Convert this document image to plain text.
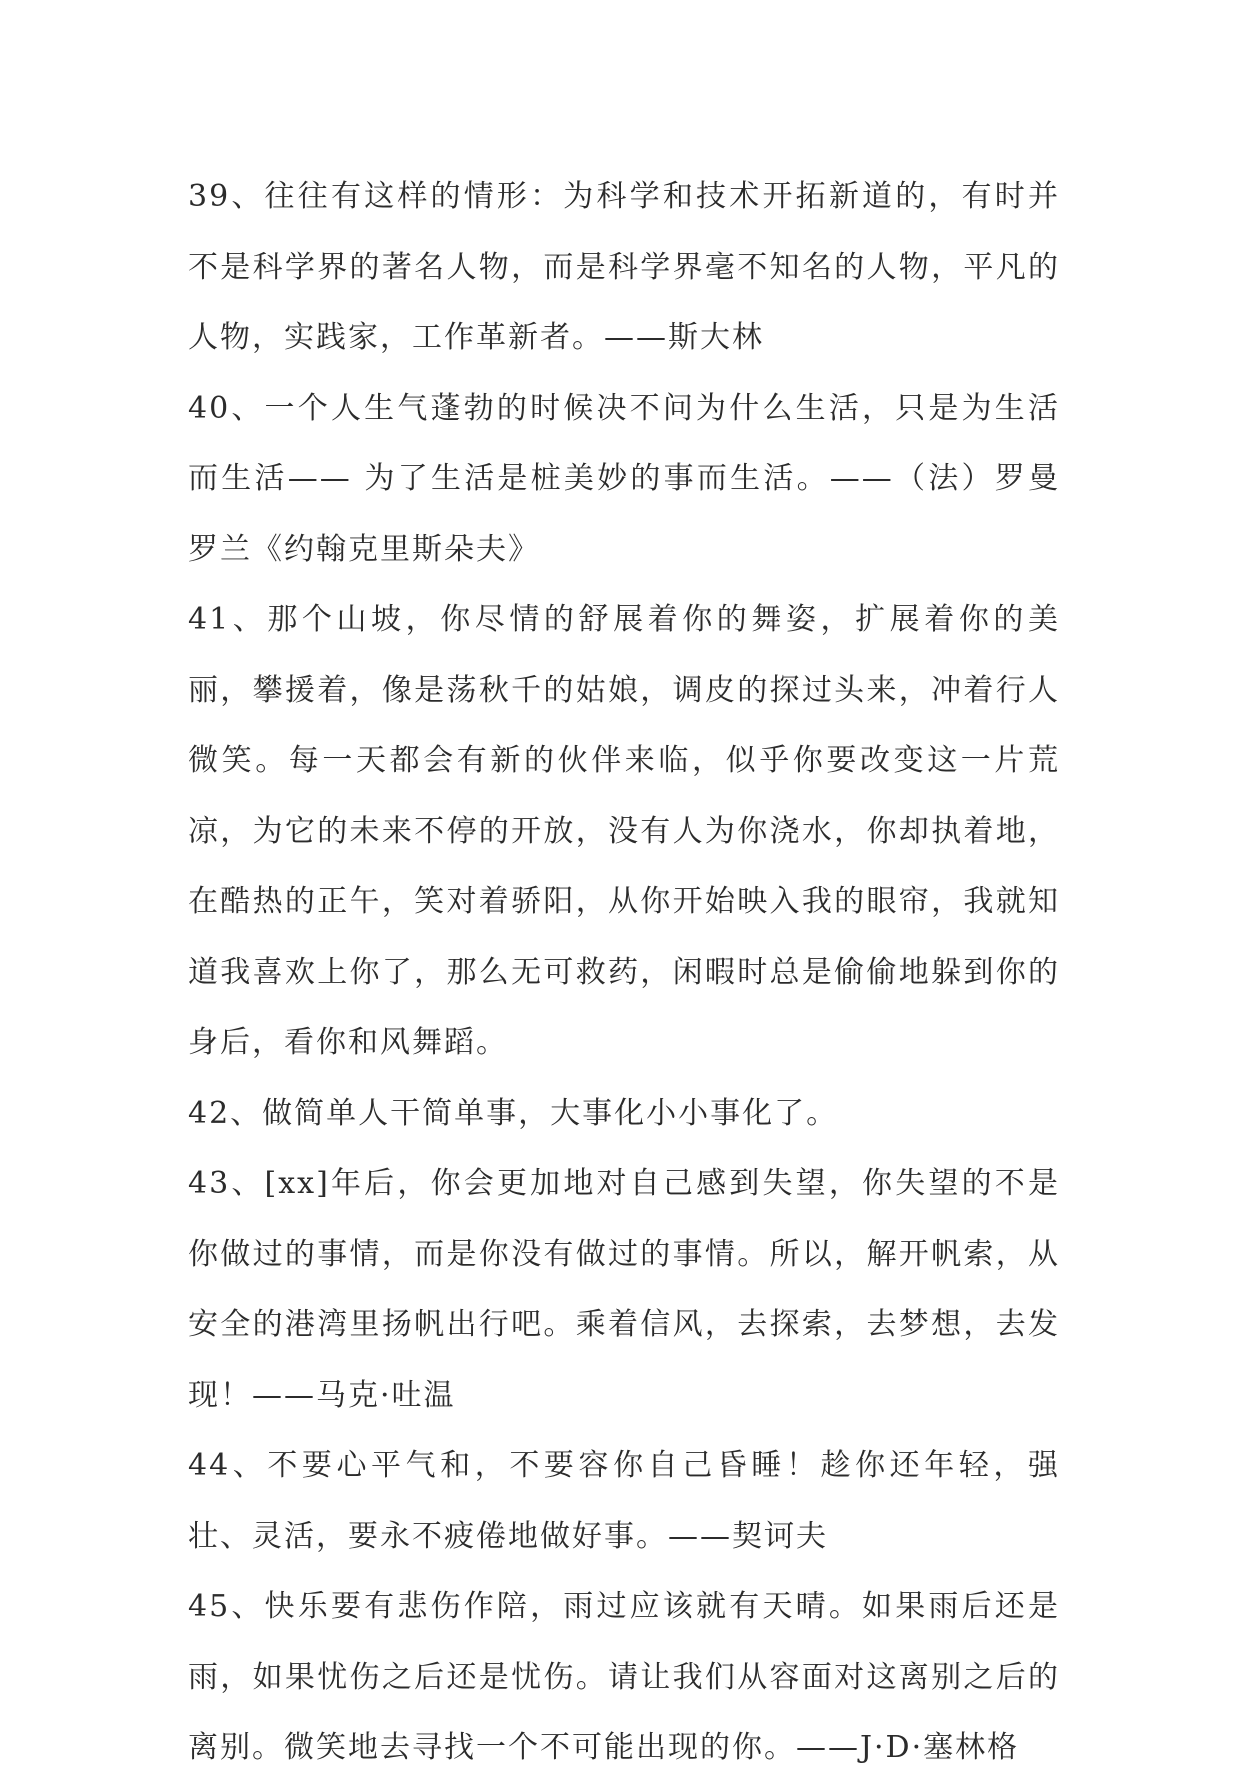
39、往往有这样的情形：为科学和技术开拓新道的，有时并不是科学界的著名人物，而是科学界毫不知名的人物，平凡的人物，实践家，工作革新者。——斯大林

40、一个人生气蓬勃的时候决不问为什么生活，只是为生活而生活—— 为了生活是桩美妙的事而生活。——（法）罗曼罗兰《约翰克里斯朵夫》

41、那个山坡，你尽情的舒展着你的舞姿，扩展着你的美丽，攀援着，像是荡秋千的姑娘，调皮的探过头来，冲着行人微笑。每一天都会有新的伙伴来临，似乎你要改变这一片荒凉，为它的未来不停的开放，没有人为你浇水，你却执着地，在酷热的正午，笑对着骄阳，从你开始映入我的眼帘，我就知道我喜欢上你了，那么无可救药，闲暇时总是偷偷地躲到你的身后，看你和风舞蹈。

42、做简单人干简单事，大事化小小事化了。

43、[xx]年后，你会更加地对自己感到失望，你失望的不是你做过的事情，而是你没有做过的事情。所以，解开帆索，从安全的港湾里扬帆出行吧。乘着信风，去探索，去梦想，去发现！——马克·吐温

44、不要心平气和，不要容你自己昏睡！趁你还年轻，强壮、灵活，要永不疲倦地做好事。——契诃夫

45、快乐要有悲伤作陪，雨过应该就有天晴。如果雨后还是雨，如果忧伤之后还是忧伤。请让我们从容面对这离别之后的离别。微笑地去寻找一个不可能出现的你。——J·D·塞林格
